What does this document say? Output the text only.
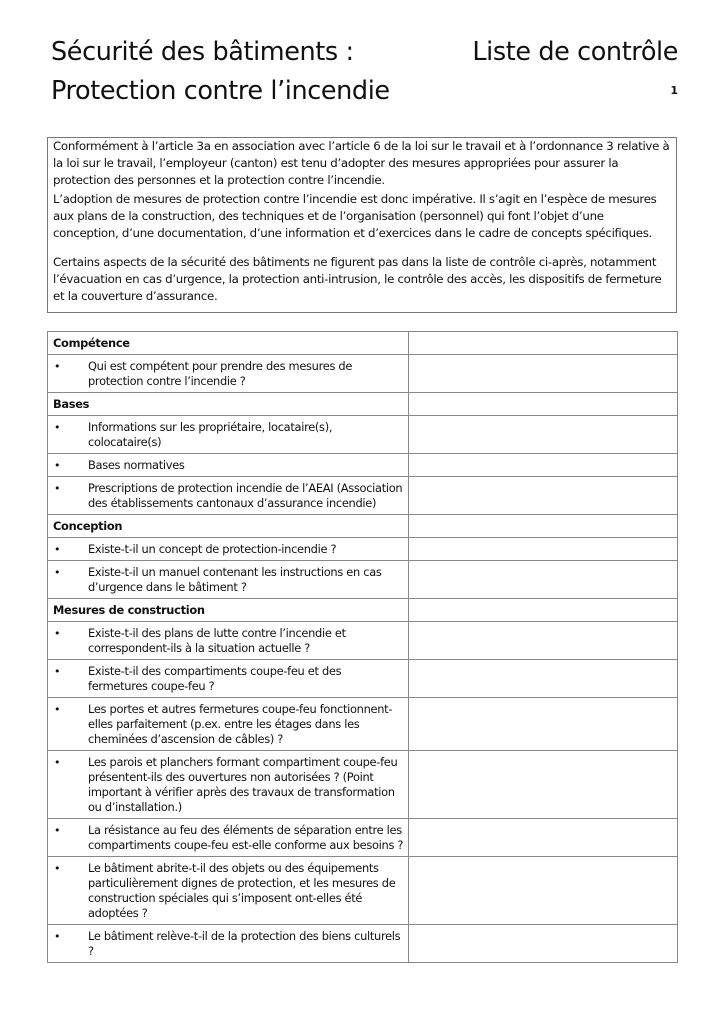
Sécurité des bâtiments :
Protection contre l’incendie
Liste de contrôle
1

Conformément à l’article 3a en association avec l’article 6 de la loi sur le travail et à l’ordonnance 3 relative à la loi sur le travail, l’employeur (canton) est tenu d’adopter des mesures appropriées pour assurer la protection des personnes et la protection contre l’incendie.

L’adoption de mesures de protection contre l’incendie est donc impérative. Il s’agit en l’espèce de mesures aux plans de la construction, des techniques et de l’organisation (personnel) qui font l’objet d’une conception, d’une documentation, d’une information et d’exercices dans le cadre de concepts spécifiques.

Certains aspects de la sécurité des bâtiments ne figurent pas dans la liste de contrôle ci-après, notamment l’évacuation en cas d’urgence, la protection anti-intrusion, le contrôle des accès, les dispositifs de fermeture et la couverture d’assurance.

Compétence	

• Qui est compétent pour prendre des mesures de protection contre l’incendie ?	

Bases	

• Informations sur les propriétaire, locataire(s), colocataire(s)	

• Bases normatives	

• Prescriptions de protection incendie de l’AEAI (Association des établissements cantonaux d’assurance incendie)	

Conception	

• Existe-t-il un concept de protection-incendie ?	

• Existe-t-il un manuel contenant les instructions en cas d’urgence dans le bâtiment ?	

Mesures de construction	

• Existe-t-il des plans de lutte contre l’incendie et correspondent-ils à la situation actuelle ?	

• Existe-t-il des compartiments coupe-feu et des fermetures coupe-feu ?	

• Les portes et autres fermetures coupe-feu fonctionnent-elles parfaitement (p.ex. entre les étages dans les cheminées d’ascension de câbles) ?	

• Les parois et planchers formant compartiment coupe-feu présentent-ils des ouvertures non autorisées ? (Point important à vérifier après des travaux de transformation ou d’installation.)	

• La résistance au feu des éléments de séparation entre les compartiments coupe-feu est-elle conforme aux besoins ?	

• Le bâtiment abrite-t-il des objets ou des équipements particulièrement dignes de protection, et les mesures de construction spéciales qui s’imposent ont-elles été adoptées ?	

• Le bâtiment relève-t-il de la protection des biens culturels ?	
